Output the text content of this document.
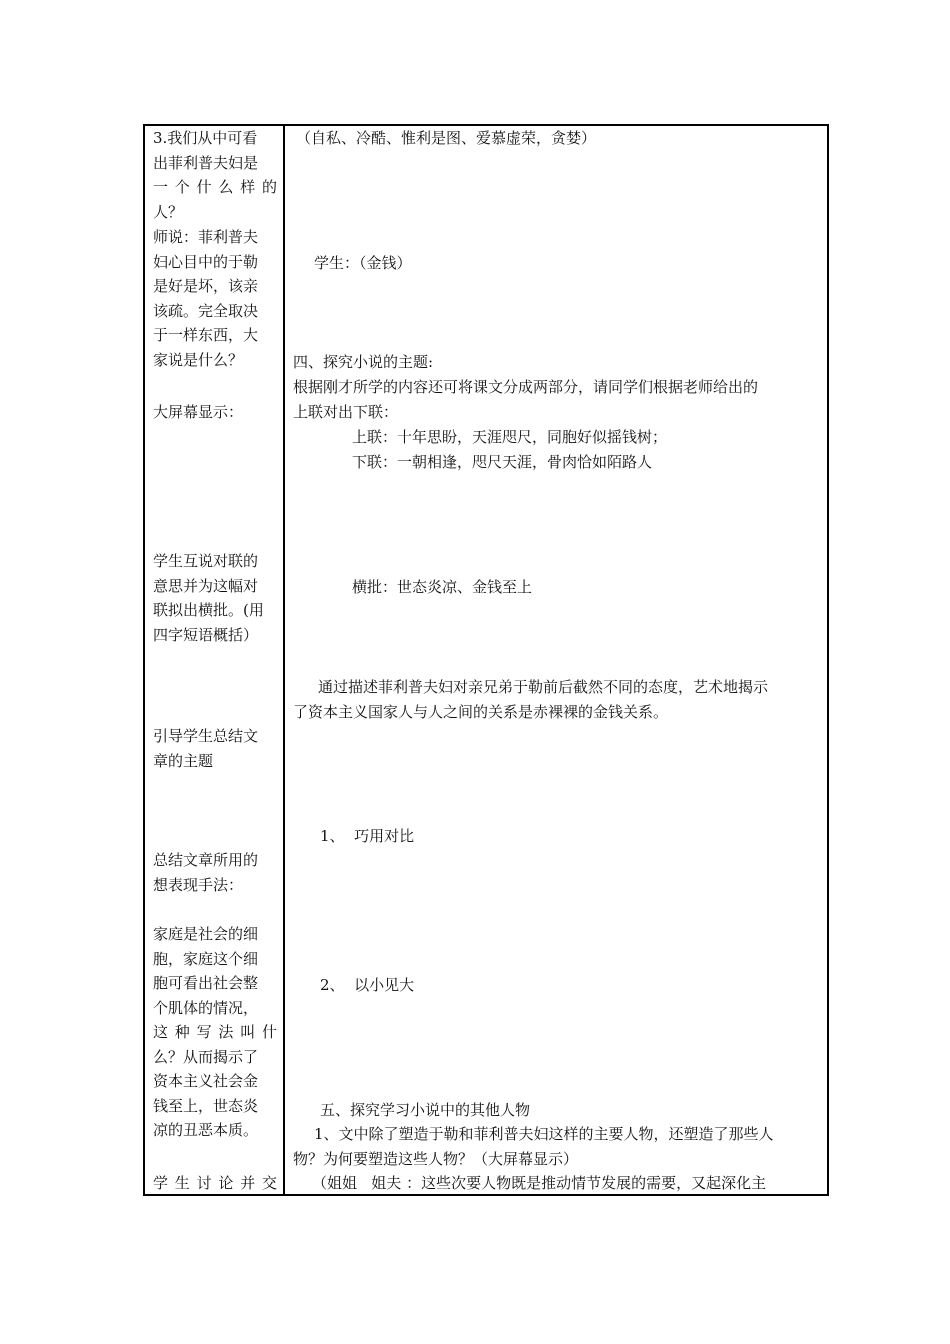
3.我们从中可看
出菲利普夫妇是
一 个 什 么 样 的
人？
师说：菲利普夫
妇心目中的于勒
是好是坏，该亲
该疏。完全取决
于一样东西，大
家说是什么？
大屏幕显示：
学生互说对联的
意思并为这幅对
联拟出横批。(用
四字短语概括）
引导学生总结文
章的主题
总结文章所用的
想表现手法：
家庭是社会的细
胞，家庭这个细
胞可看出社会整
个肌体的情况，
这 种 写 法 叫 什
么？从而揭示了
资本主义社会金
钱至上，世态炎
凉的丑恶本质。
学 生 讨 论 并 交
（自私、冷酷、惟利是图、爱慕虚荣，贪婪）
学生：（金钱）
四、探究小说的主题:
根据刚才所学的内容还可将课文分成两部分，请同学们根据老师给出的
上联对出下联：
上联：十年思盼，天涯咫尺，同胞好似摇钱树；
下联：一朝相逢，咫尺天涯，骨肉恰如陌路人
横批：世态炎凉、金钱至上
通过描述菲利普夫妇对亲兄弟于勒前后截然不同的态度，艺术地揭示
了资本主义国家人与人之间的关系是赤裸裸的金钱关系。
1、  巧用对比
2、  以小见大
五、探究学习小说中的其他人物
1、文中除了塑造于勒和菲利普夫妇这样的主要人物，还塑造了那些人
物？为何要塑造这些人物？（大屏幕显示）
（姐姐   姐夫 ：这些次要人物既是推动情节发展的需要，又起深化主
